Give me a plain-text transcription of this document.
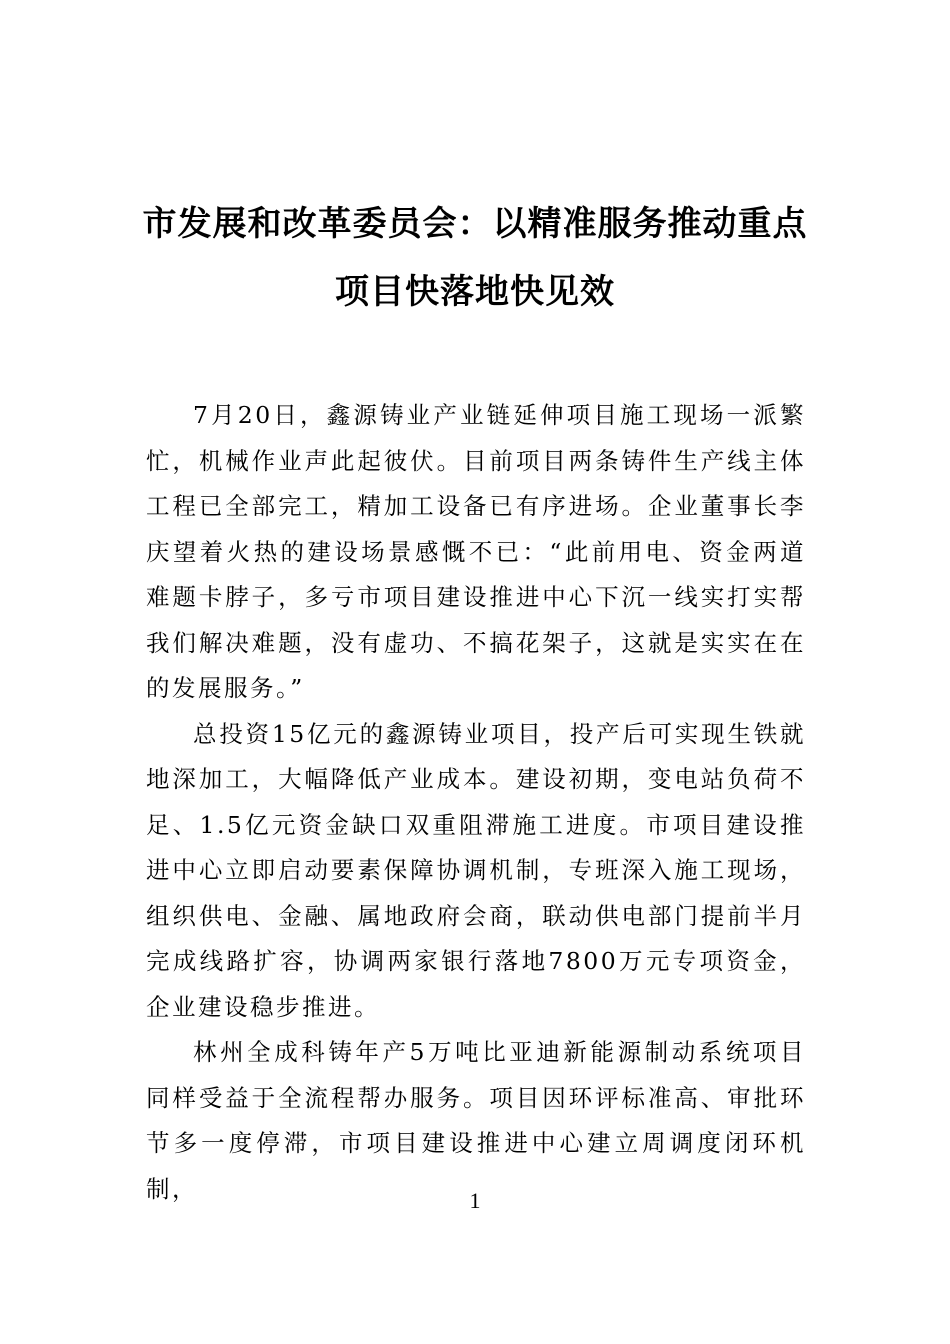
市发展和改革委员会：以精准服务推动重点项目快落地快见效

7月20日，鑫源铸业产业链延伸项目施工现场一派繁忙，机械作业声此起彼伏。目前项目两条铸件生产线主体工程已全部完工，精加工设备已有序进场。企业董事长李庆望着火热的建设场景感慨不已：“此前用电、资金两道难题卡脖子，多亏市项目建设推进中心下沉一线实打实帮我们解决难题，没有虚功、不搞花架子，这就是实实在在的发展服务。”

总投资15亿元的鑫源铸业项目，投产后可实现生铁就地深加工，大幅降低产业成本。建设初期，变电站负荷不足、1.5亿元资金缺口双重阻滞施工进度。市项目建设推进中心立即启动要素保障协调机制，专班深入施工现场，组织供电、金融、属地政府会商，联动供电部门提前半月完成线路扩容，协调两家银行落地7800万元专项资金，企业建设稳步推进。

林州全成科铸年产5万吨比亚迪新能源制动系统项目同样受益于全流程帮办服务。项目因环评标准高、审批环节多一度停滞，市项目建设推进中心建立周调度闭环机制，	1
